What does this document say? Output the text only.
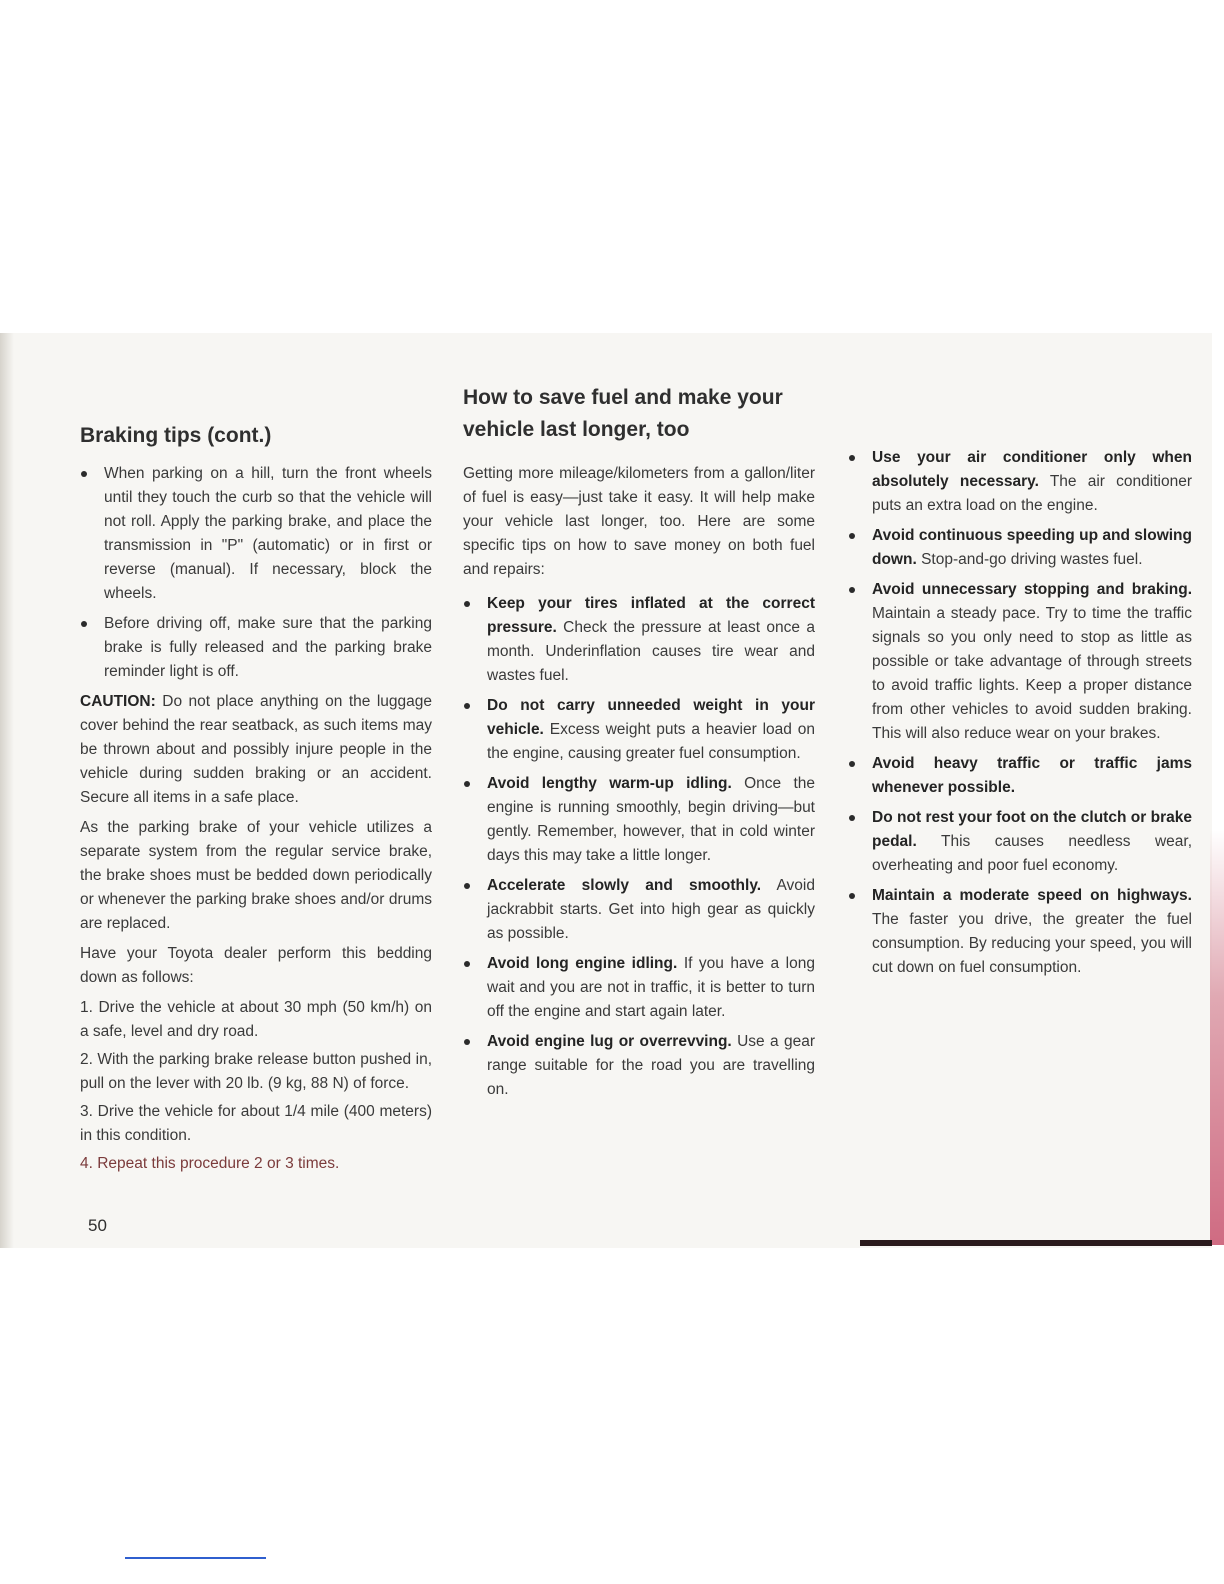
Braking tips (cont.)

When parking on a hill, turn the front wheels until they touch the curb so that the vehicle will not roll. Apply the parking brake, and place the transmission in "P" (automatic) or in first or reverse (manual). If necessary, block the wheels.

Before driving off, make sure that the parking brake is fully released and the parking brake reminder light is off.

CAUTION: Do not place anything on the luggage cover behind the rear seatback, as such items may be thrown about and possibly injure people in the vehicle during sudden braking or an accident. Secure all items in a safe place.

As the parking brake of your vehicle utilizes a separate system from the regular service brake, the brake shoes must be bedded down periodically or whenever the parking brake shoes and/or drums are replaced.

Have your Toyota dealer perform this bedding down as follows:

1. Drive the vehicle at about 30 mph (50 km/h) on a safe, level and dry road.

2. With the parking brake release button pushed in, pull on the lever with 20 lb. (9 kg, 88 N) of force.

3. Drive the vehicle for about 1/4 mile (400 meters) in this condition.

4. Repeat this procedure 2 or 3 times.

How to save fuel and make your vehicle last longer, too

Getting more mileage/kilometers from a gallon/liter of fuel is easy—just take it easy. It will help make your vehicle last longer, too. Here are some specific tips on how to save money on both fuel and repairs:

Keep your tires inflated at the correct pressure. Check the pressure at least once a month. Underinflation causes tire wear and wastes fuel.

Do not carry unneeded weight in your vehicle. Excess weight puts a heavier load on the engine, causing greater fuel consumption.

Avoid lengthy warm-up idling. Once the engine is running smoothly, begin driving—but gently. Remember, however, that in cold winter days this may take a little longer.

Accelerate slowly and smoothly. Avoid jackrabbit starts. Get into high gear as quickly as possible.

Avoid long engine idling. If you have a long wait and you are not in traffic, it is better to turn off the engine and start again later.

Avoid engine lug or overrevving. Use a gear range suitable for the road you are travelling on.

Use your air conditioner only when absolutely necessary. The air conditioner puts an extra load on the engine.

Avoid continuous speeding up and slowing down. Stop-and-go driving wastes fuel.

Avoid unnecessary stopping and braking. Maintain a steady pace. Try to time the traffic signals so you only need to stop as little as possible or take advantage of through streets to avoid traffic lights. Keep a proper distance from other vehicles to avoid sudden braking. This will also reduce wear on your brakes.

Avoid heavy traffic or traffic jams whenever possible.

Do not rest your foot on the clutch or brake pedal. This causes needless wear, overheating and poor fuel economy.

Maintain a moderate speed on highways. The faster you drive, the greater the fuel consumption. By reducing your speed, you will cut down on fuel consumption.

50
